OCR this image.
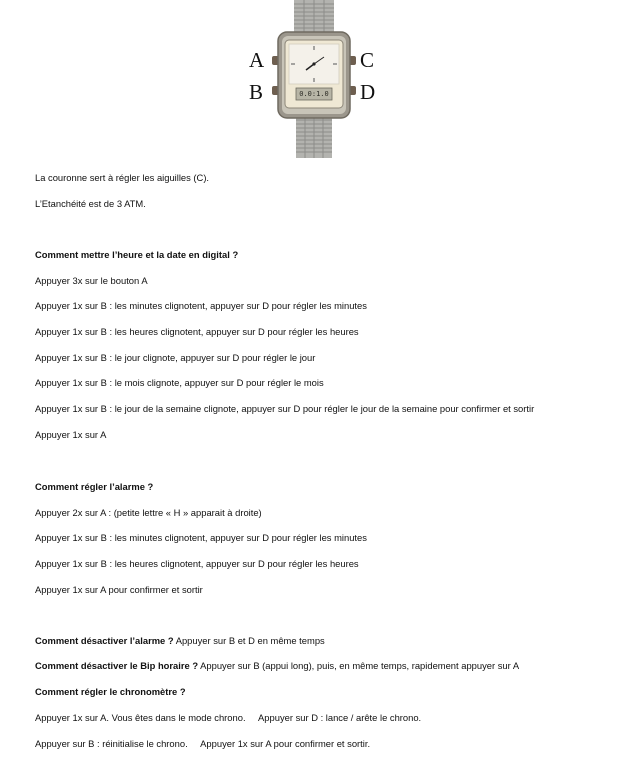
0.0:1.0
A
B
C
D
La couronne sert à régler les aiguilles (C).
L’Etanchéité est de 3 ATM.
Comment mettre l’heure et la date en digital ?
Appuyer 3x sur le bouton A
Appuyer 1x sur B : les minutes clignotent, appuyer sur D pour régler les minutes
Appuyer 1x sur B : les heures clignotent, appuyer sur D pour régler les heures
Appuyer 1x sur B : le jour clignote, appuyer sur D pour régler le jour
Appuyer 1x sur B : le mois clignote, appuyer sur D pour régler le mois
Appuyer 1x sur B : le jour de la semaine clignote, appuyer sur D pour régler le jour de la semaine pour confirmer et sortir
Appuyer 1x sur A
Comment régler l’alarme ?
Appuyer 2x sur A : (petite lettre « H » apparait à droite)
Appuyer 1x sur B : les minutes clignotent, appuyer sur D pour régler les minutes
Appuyer 1x sur B : les heures clignotent, appuyer sur D pour régler les heures
Appuyer 1x sur A pour confirmer et sortir
Comment désactiver l’alarme ? Appuyer sur B et D en même temps
Comment désactiver le Bip horaire ? Appuyer sur B (appui long), puis, en même temps, rapidement appuyer sur A
Comment régler le chronomètre ?
Appuyer 1x sur A. Vous êtes dans le mode chrono.     Appuyer sur D : lance / arête le chrono.
Appuyer sur B : réinitialise le chrono.     Appuyer 1x sur A pour confirmer et sortir.
